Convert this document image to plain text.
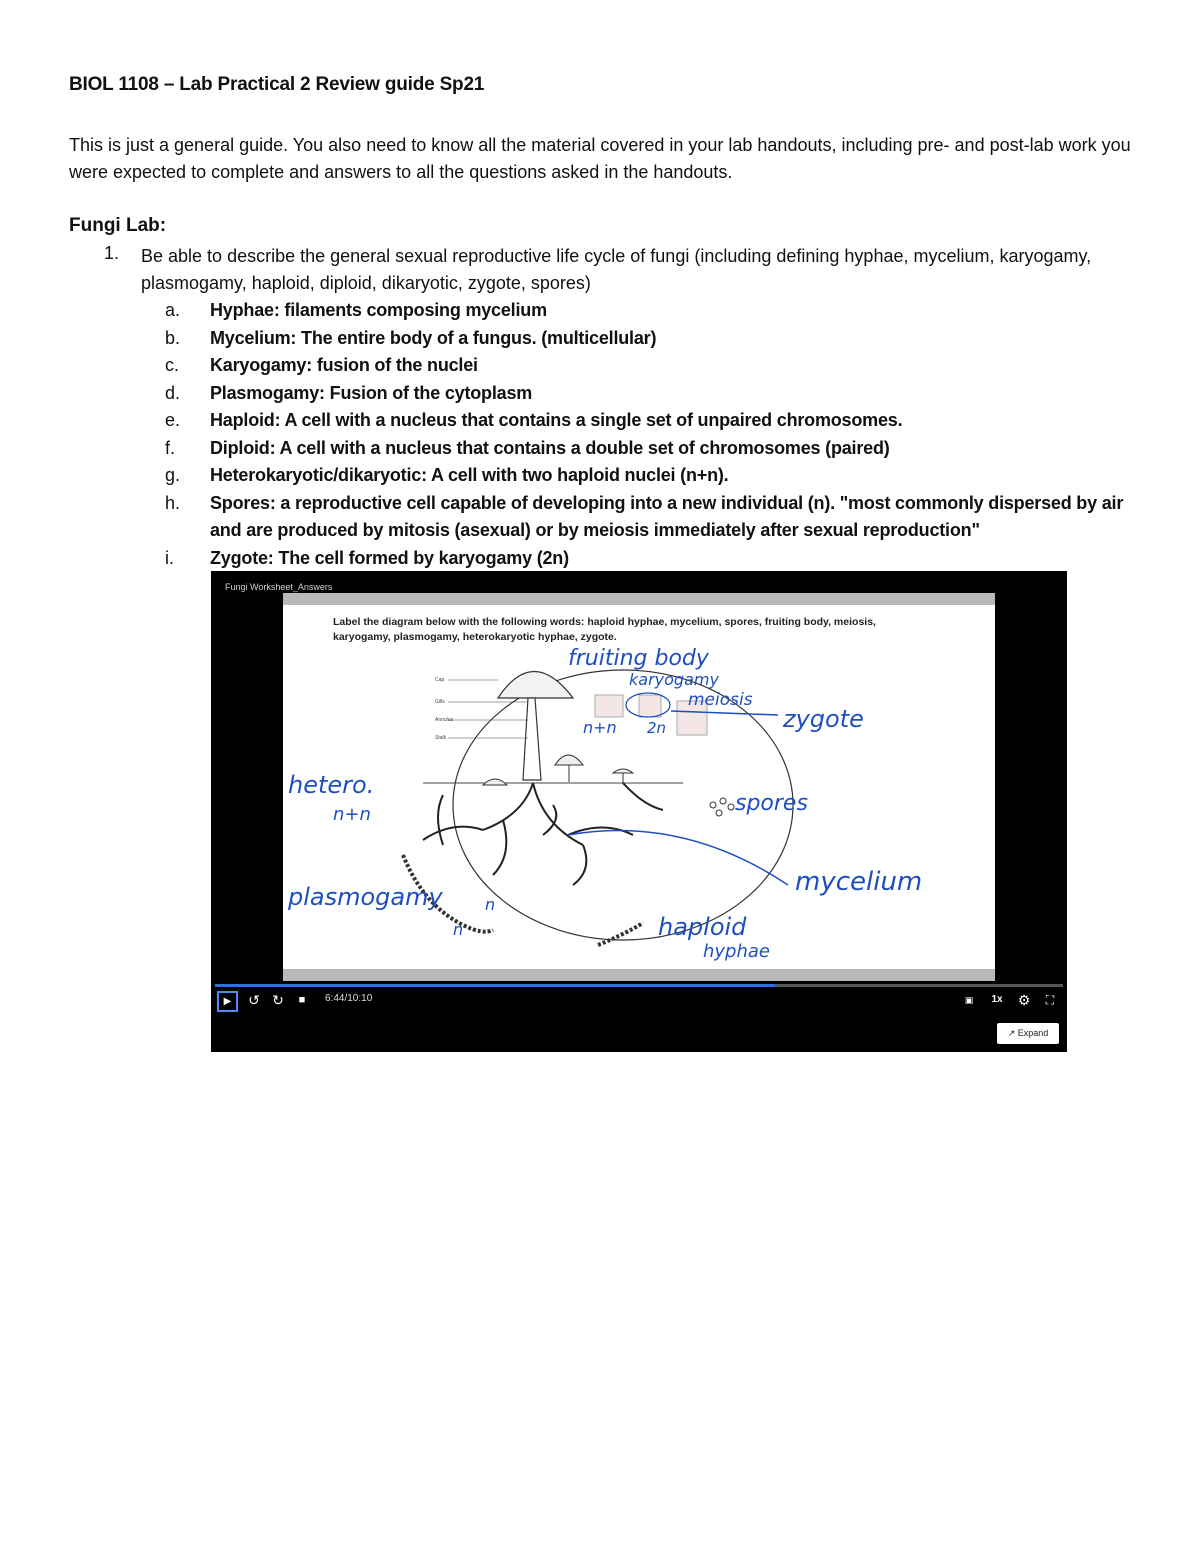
BIOL 1108 – Lab Practical 2 Review guide Sp21
This is just a general guide. You also need to know all the material covered in your lab handouts, including pre- and post-lab work you were expected to complete and answers to all the questions asked in the handouts.
Fungi Lab:
1. Be able to describe the general sexual reproductive life cycle of fungi (including defining hyphae, mycelium, karyogamy, plasmogamy, haploid, diploid, dikaryotic, zygote, spores)
a. Hyphae: filaments composing mycelium
b. Mycelium: The entire body of a fungus. (multicellular)
c. Karyogamy: fusion of the nuclei
d. Plasmogamy: Fusion of the cytoplasm
e. Haploid: A cell with a nucleus that contains a single set of unpaired chromosomes.
f. Diploid: A cell with a nucleus that contains a double set of chromosomes (paired)
g. Heterokaryotic/dikaryotic: A cell with two haploid nuclei (n+n).
h. Spores: a reproductive cell capable of developing into a new individual (n). "most commonly dispersed by air and are produced by mitosis (asexual) or by meiosis immediately after sexual reproduction"
i. Zygote: The cell formed by karyogamy (2n)
Fungi Worksheet_Answers
Label the diagram below with the following words: haploid hyphae, mycelium, spores, fruiting body, meiosis, karyogamy, plasmogamy, heterokaryotic hyphae, zygote.
Cap
Gills
Annulus
Stalk
fruiting body
karyogamy
meiosis
zygote
n+n 2n
spores
hetero.
n+n
plasmogamy	mycelium
haploid
hyphae
n
n
▶	↺ ↻	■	6:44/10:10	▣	1x ⚙	⛶
↗ Expand
